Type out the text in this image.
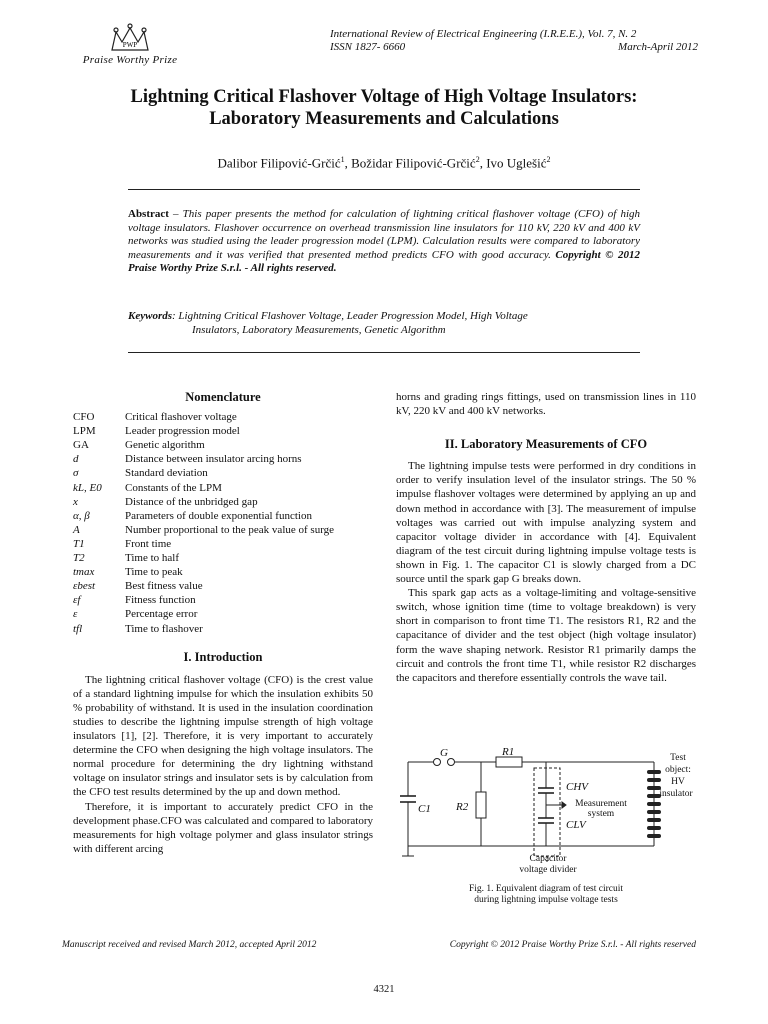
PWP
Praise Worthy Prize
International Review of Electrical Engineering (I.R.E.E.), Vol. 7, N. 2
ISSN 1827- 6660	March-April 2012
Lightning Critical Flashover Voltage of High Voltage Insulators:
Laboratory Measurements and Calculations
Dalibor Filipović-Grčić$^1$, Božidar Filipović-Grčić$^2$, Ivo Uglešić$^2$
Abstract – This paper presents the method for calculation of lightning critical flashover voltage (CFO) of high voltage insulators. Flashover occurrence on overhead transmission line insulators for 110 kV, 220 kV and 400 kV networks was studied using the leader progression model (LPM). Calculation results were compared to laboratory measurements and it was verified that presented method predicts CFO with good accuracy. Copyright © 2012 Praise Worthy Prize S.r.l. - All rights reserved.
Keywords: Lightning Critical Flashover Voltage, Leader Progression Model, High Voltage
Insulators, Laboratory Measurements, Genetic Algorithm
Nomenclature
CFO	Critical flashover voltage
LPM	Leader progression model
GA	Genetic algorithm
d	Distance between insulator arcing horns
σ	Standard deviation
kL, E0	Constants of the LPM
x	Distance of the unbridged gap
α, β	Parameters of double exponential function
A	Number proportional to the peak value of surge
T1	Front time
T2	Time to half
tmax	Time to peak
εbest	Best fitness value
εf	Fitness function
ε	Percentage error
tfl	Time to flashover
I. Introduction

The lightning critical flashover voltage (CFO) is the crest value of a standard lightning impulse for which the insulation exhibits 50 % probability of withstand. It is used in the insulation coordination studies to describe the lightning impulse strength of high voltage insulators [1], [2]. Therefore, it is very important to accurately determine the CFO when designing the high voltage insulators. The normal procedure for determining the dry lightning withstand voltage on insulator strings and insulator sets is by calculation from the CFO test results determined by the up and down method.

Therefore, it is important to accurately predict CFO in the development phase.CFO was calculated and compared to laboratory measurements for high voltage polymer and glass insulator strings with different arcing

horns and grading rings fittings, used on transmission lines in 110 kV, 220 kV and 400 kV networks.

II. Laboratory Measurements of CFO

The lightning impulse tests were performed in dry conditions in order to verify insulation level of the insulator strings. The 50 % impulse flashover voltages were determined by applying an up and down method in accordance with [3]. The measurement of impulse voltages was carried out with impulse analyzing system and capacitor voltage divider in accordance with [4]. Equivalent diagram of the test circuit during lightning impulse voltage tests is shown in Fig. 1. The capacitor C1 is slowly charged from a DC source until the spark gap G breaks down.

This spark gap acts as a voltage-limiting and voltage-sensitive switch, whose ignition time (time to voltage breakdown) is very short in comparison to front time T1. The resistors R1, R2 and the capacitance of divider and the test object (high voltage insulator) form the wave shaping network. Resistor R1 primarily damps the circuit and controls the front time T1, while resistor R2 discharges the capacitors and therefore essentially controls the wave tail.

G	R1
R2
C1
CHV
CLV
Measurement
system
Test
object:
HV
insulator
Capacitor
voltage divider
Fig. 1. Equivalent diagram of test circuit
during lightning impulse voltage tests
Manuscript received and revised March 2012, accepted April 2012	Copyright © 2012 Praise Worthy Prize S.r.l. - All rights reserved
4321
